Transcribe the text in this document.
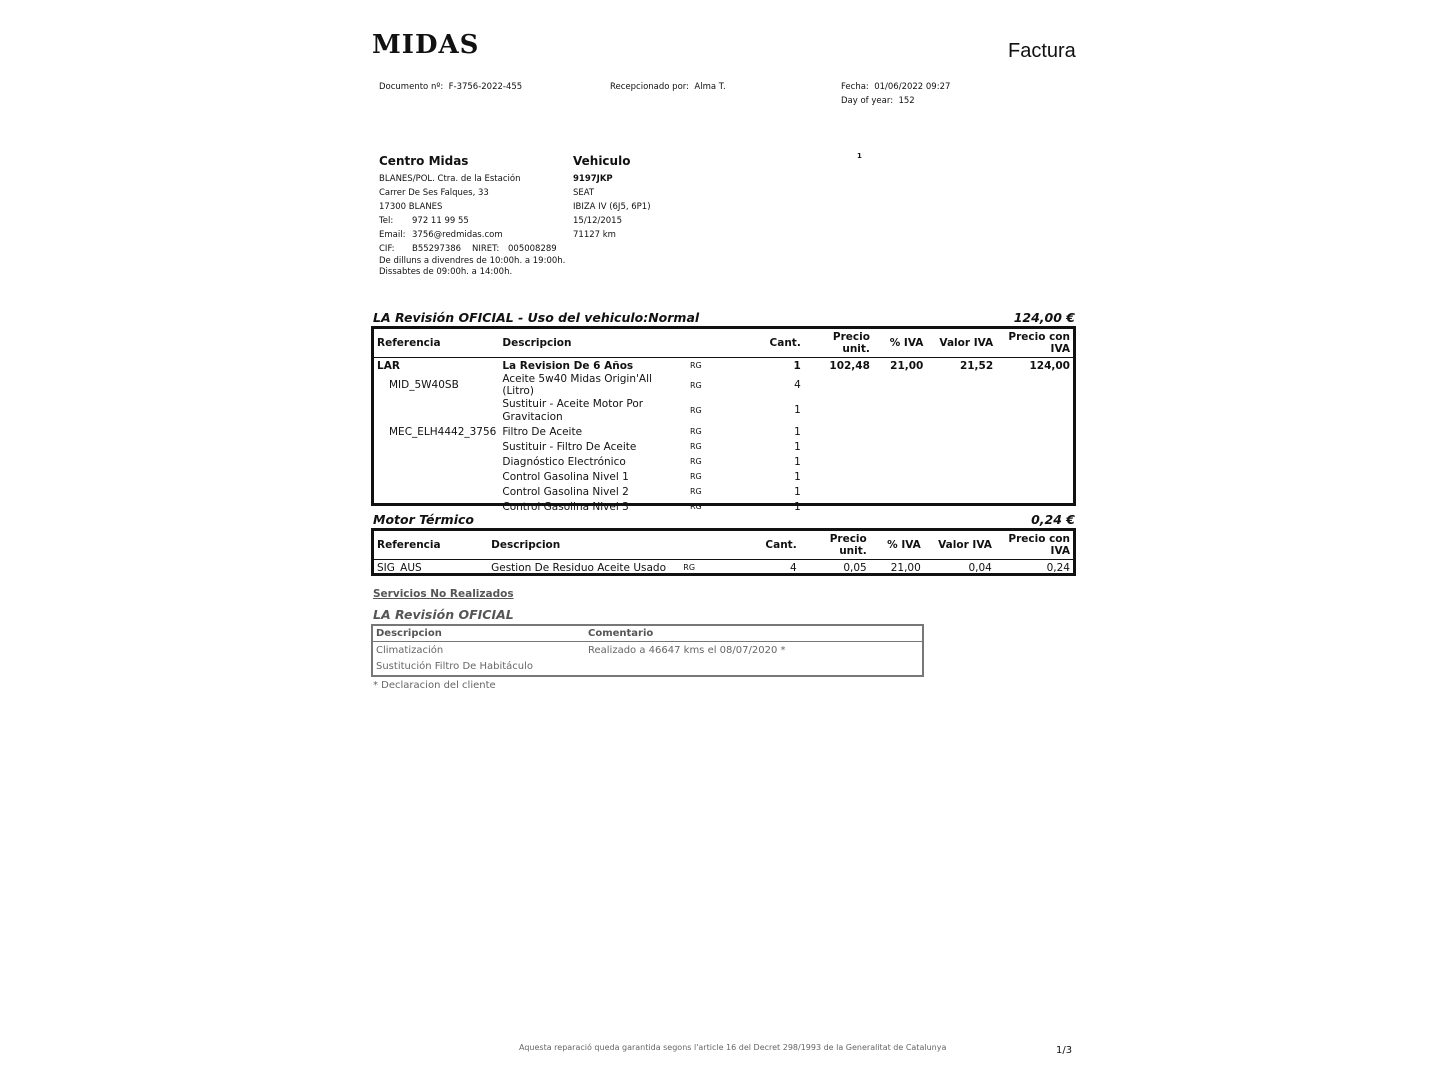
MIDAS	Factura
Documento nº: F-3756-2022-455	Recepcionado por: Alma T.	Fecha: 01/06/2022 09:27
Day of year: 152
1
Centro Midas
BLANES/POL. Ctra. de la Estación
Carrer De Ses Falques, 33
17300 BLANES
Tel: 972 11 99 55
Email: 3756@redmidas.com
CIF: B55297386 NIRET: 005008289
De dilluns a divendres de 10:00h. a 19:00h.
Dissabtes de 09:00h. a 14:00h.
Vehiculo
9197JKP
SEAT
IBIZA IV (6J5, 6P1)
15/12/2015
71127 km
LA Revisión OFICIAL - Uso del vehiculo:Normal	124,00 €
Referencia	Descripcion		Cant.	Precio unit.	% IVA	Valor IVA	Precio con IVA
LAR	La Revision De 6 Años	RG	1	102,48	21,00	21,52	124,00
MID_5W40SB	Aceite 5w40 Midas Origin'All (Litro)	RG	4				
	Sustituir - Aceite Motor Por Gravitacion	RG	1				
MEC_ELH4442_3756	Filtro De Aceite	RG	1				
	Sustituir - Filtro De Aceite	RG	1				
	Diagnóstico Electrónico	RG	1				
	Control Gasolina Nivel 1	RG	1				
	Control Gasolina Nivel 2	RG	1				
	Control Gasolina Nivel 3	RG	1				
Motor Térmico	0,24 €
Referencia	Descripcion		Cant.	Precio unit.	% IVA	Valor IVA	Precio con IVA
SIG_AUS	Gestion De Residuo Aceite Usado	RG	4	0,05	21,00	0,04	0,24
Servicios No Realizados
LA Revisión OFICIAL
Descripcion	Comentario
Climatización	Realizado a 46647 kms el 08/07/2020 *
Sustitución Filtro De Habitáculo	
* Declaracion del cliente
Aquesta reparació queda garantida segons l'article 16 del Decret 298/1993 de la Generalitat de Catalunya	1/3
